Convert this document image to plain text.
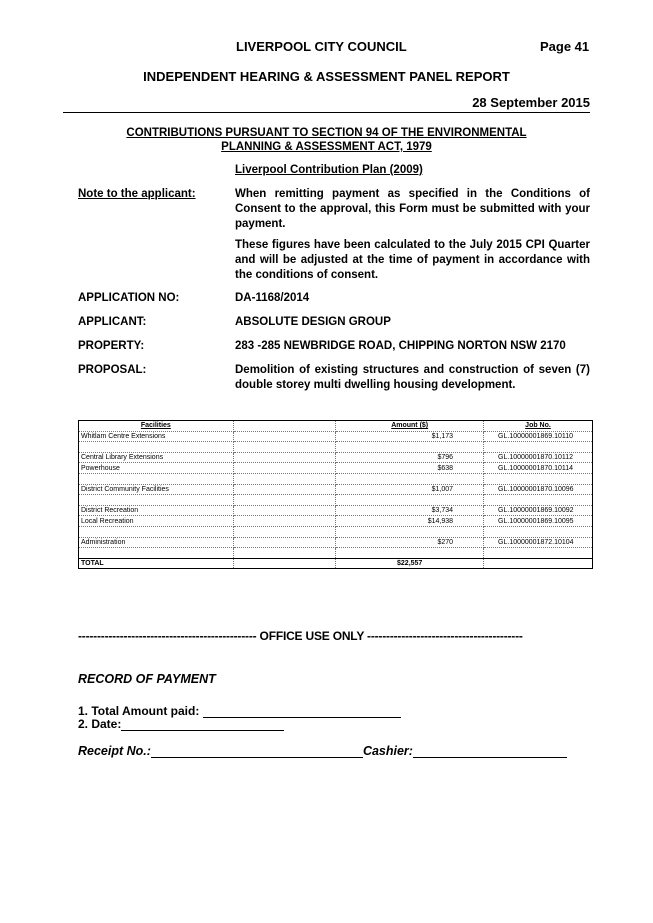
LIVERPOOL CITY COUNCIL	Page 41
INDEPENDENT HEARING & ASSESSMENT PANEL REPORT
28 September 2015
CONTRIBUTIONS PURSUANT TO SECTION 94 OF THE ENVIRONMENTAL
PLANNING & ASSESSMENT ACT, 1979
Liverpool Contribution Plan (2009)
Note to the applicant:	When remitting payment as specified in the Conditions of Consent to the approval, this Form must be submitted with your payment.
These figures have been calculated to the July 2015 CPI Quarter and will be adjusted at the time of payment in accordance with the conditions of consent.
APPLICATION NO:	DA-1168/2014
APPLICANT:	ABSOLUTE DESIGN GROUP
PROPERTY:	283 -285 NEWBRIDGE ROAD, CHIPPING NORTON NSW 2170
PROPOSAL:	Demolition of existing structures and construction of seven (7) double storey multi dwelling housing development.
Facilities		Amount ($)	Job No.
Whitlam Centre Extensions		$1,173	GL.10000001869.10110

Central Library Extensions		$796	GL.10000001870.10112
Powerhouse		$638	GL.10000001870.10114

District Community Facilities		$1,007	GL.10000001870.10096

District Recreation		$3,734	GL.10000001869.10092
Local Recreation		$14,938	GL.10000001869.10095

Administration		$270	GL.10000001872.10104

TOTAL		$22,557	
----------------------------------------------- OFFICE USE ONLY -----------------------------------------
RECORD OF PAYMENT
1. Total Amount paid:
2. Date:
Receipt No.:	Cashier:
